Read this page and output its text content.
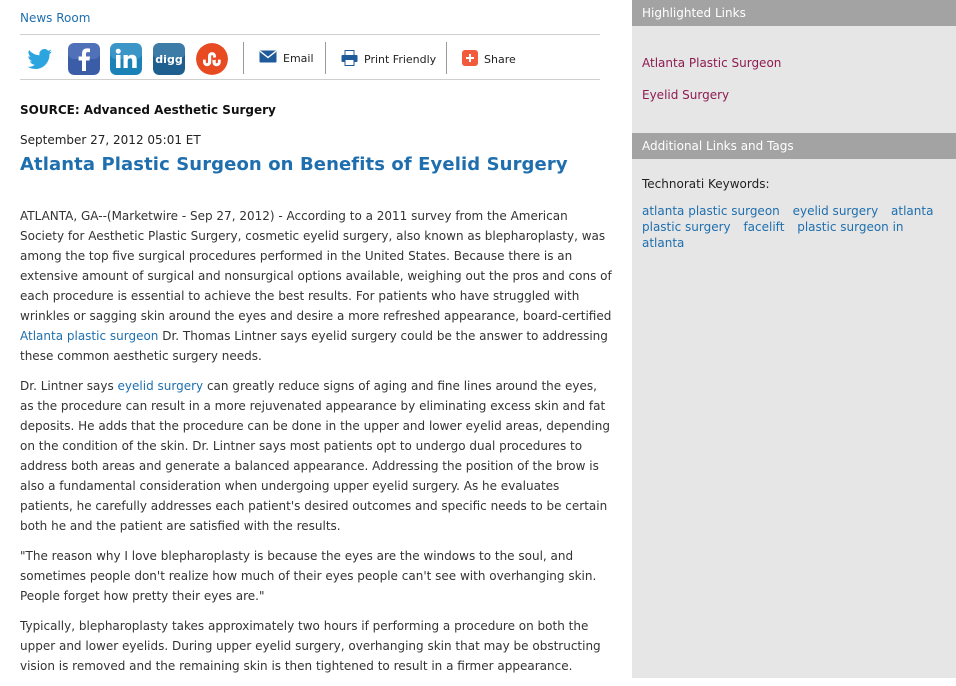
News Room
digg	Email	Print Friendly	Share
SOURCE: Advanced Aesthetic Surgery
September 27, 2012 05:01 ET
Atlanta Plastic Surgeon on Benefits of Eyelid Surgery

ATLANTA, GA--(Marketwire - Sep 27, 2012) - According to a 2011 survey from the American Society for Aesthetic Plastic Surgery, cosmetic eyelid surgery, also known as blepharoplasty, was among the top five surgical procedures performed in the United States. Because there is an extensive amount of surgical and nonsurgical options available, weighing out the pros and cons of each procedure is essential to achieve the best results. For patients who have struggled with wrinkles or sagging skin around the eyes and desire a more refreshed appearance, board-certified Atlanta plastic surgeon Dr. Thomas Lintner says eyelid surgery could be the answer to addressing these common aesthetic surgery needs.

Dr. Lintner says eyelid surgery can greatly reduce signs of aging and fine lines around the eyes, as the procedure can result in a more rejuvenated appearance by eliminating excess skin and fat deposits. He adds that the procedure can be done in the upper and lower eyelid areas, depending on the condition of the skin. Dr. Lintner says most patients opt to undergo dual procedures to address both areas and generate a balanced appearance. Addressing the position of the brow is also a fundamental consideration when undergoing upper eyelid surgery. As he evaluates patients, he carefully addresses each patient's desired outcomes and specific needs to be certain both he and the patient are satisfied with the results.

"The reason why I love blepharoplasty is because the eyes are the windows to the soul, and sometimes people don't realize how much of their eyes people can't see with overhanging skin. People forget how pretty their eyes are."

Typically, blepharoplasty takes approximately two hours if performing a procedure on both the upper and lower eyelids. During upper eyelid surgery, overhanging skin that may be obstructing vision is removed and the remaining skin is then tightened to result in a firmer appearance.

Highlighted Links
Atlanta Plastic Surgeon
Eyelid Surgery
Additional Links and Tags
Technorati Keywords:
atlanta plastic surgeon eyelid surgery atlanta plastic surgery facelift plastic surgeon in atlanta
